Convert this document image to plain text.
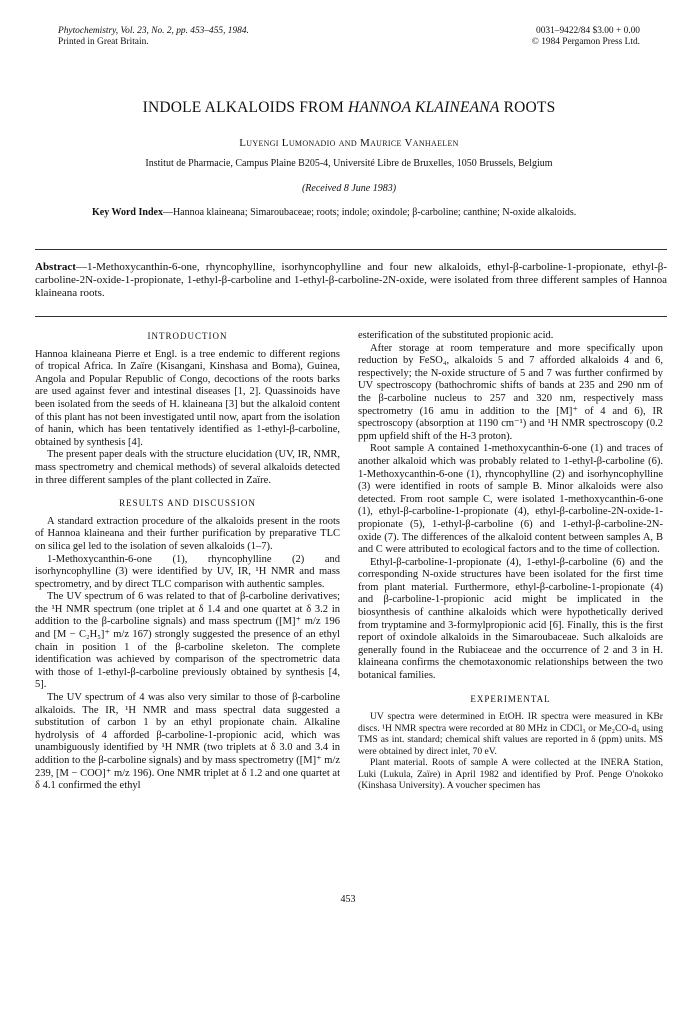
Phytochemistry, Vol. 23, No. 2, pp. 453–455, 1984.
Printed in Great Britain.
0031–9422/84 $3.00 + 0.00
© 1984 Pergamon Press Ltd.
INDOLE ALKALOIDS FROM HANNOA KLAINEANA ROOTS
Luyengi Lumonadio and Maurice Vanhaelen
Institut de Pharmacie, Campus Plaine B205-4, Université Libre de Bruxelles, 1050 Brussels, Belgium
(Received 8 June 1983)
Key Word Index—Hannoa klaineana; Simaroubaceae; roots; indole; oxindole; β-carboline; canthine; N-oxide alkaloids.
Abstract—1-Methoxycanthin-6-one, rhyncophylline, isorhyncophylline and four new alkaloids, ethyl-β-carboline-1-propionate, ethyl-β-carboline-2N-oxide-1-propionate, 1-ethyl-β-carboline and 1-ethyl-β-carboline-2N-oxide, were isolated from three different samples of Hannoa klaineana roots.
INTRODUCTION

Hannoa klaineana Pierre et Engl. is a tree endemic to different regions of tropical Africa. In Zaïre (Kisangani, Kinshasa and Boma), Guinea, Angola and Popular Republic of Congo, decoctions of the roots barks are used against fever and intestinal diseases [1, 2]. Quassinoids have been isolated from the seeds of H. klaineana [3] but the alkaloid content of this plant has not been investigated until now, apart from the isolation of hanin, which has been tentatively identified as 1-ethyl-β-carboline, obtained by synthesis [4].

The present paper deals with the structure elucidation (UV, IR, NMR, mass spectrometry and chemical methods) of several alkaloids detected in three different samples of the plant collected in Zaïre.

RESULTS AND DISCUSSION

A standard extraction procedure of the alkaloids present in the roots of Hannoa klaineana and their further purification by preparative TLC on silica gel led to the isolation of seven alkaloids (1–7).

1-Methoxycanthin-6-one (1), rhyncophylline (2) and isorhyncophylline (3) were identified by UV, IR, ¹H NMR and mass spectrometry, and by direct TLC comparison with authentic samples.

The UV spectrum of 6 was related to that of β-carboline derivatives; the ¹H NMR spectrum (one triplet at δ 1.4 and one quartet at δ 3.2 in addition to the β-carboline signals) and mass spectrum ([M]⁺ m/z 196 and [M − C₂H₅]⁺ m/z 167) strongly suggested the presence of an ethyl chain in position 1 of the β-carboline skeleton. The complete identification was achieved by comparison of the spectrometric data with those of 1-ethyl-β-carboline previously obtained by synthesis [4, 5].

The UV spectrum of 4 was also very similar to those of β-carboline alkaloids. The IR, ¹H NMR and mass spectral data suggested a substitution of carbon 1 by an ethyl propionate chain. Alkaline hydrolysis of 4 afforded β-carboline-1-propionic acid, which was unambiguously identified by ¹H NMR (two triplets at δ 3.0 and 3.4 in addition to the β-carboline signals) and by mass spectrometry ([M]⁺ m/z 239, [M − COO]⁺ m/z 196). One NMR triplet at δ 1.2 and one quartet at δ 4.1 confirmed the ethyl

esterification of the substituted propionic acid.

After storage at room temperature and more specifically upon reduction by FeSO₄, alkaloids 5 and 7 afforded alkaloids 4 and 6, respectively; the N-oxide structure of 5 and 7 was further confirmed by UV spectroscopy (bathochromic shifts of bands at 235 and 290 nm of the β-carboline nucleus to 257 and 320 nm, respectively mass spectrometry (16 amu in addition to the [M]⁺ of 4 and 6), IR spectroscopy (absorption at 1190 cm⁻¹) and ¹H NMR spectroscopy (0.2 ppm upfield shift of the H-3 proton).

Root sample A contained 1-methoxycanthin-6-one (1) and traces of another alkaloid which was probably related to 1-ethyl-β-carboline (6). 1-Methoxycanthin-6-one (1), rhyncophylline (2) and isorhyncophylline (3) were identified in roots of sample B. Minor alkaloids were also detected. From root sample C, were isolated 1-methoxycanthin-6-one (1), ethyl-β-carboline-1-propionate (4), ethyl-β-carboline-2N-oxide-1-propionate (5), 1-ethyl-β-carboline (6) and 1-ethyl-β-carboline-2N-oxide (7). The differences of the alkaloid content between samples A, B and C were attributed to ecological factors and to the time of collection.

Ethyl-β-carboline-1-propionate (4), 1-ethyl-β-carboline (6) and the corresponding N-oxide structures have been isolated for the first time from plant material. Furthermore, ethyl-β-carboline-1-propionate (4) and β-carboline-1-propionic acid might be implicated in the biosynthesis of canthine alkaloids which were hypothetically derived from tryptamine and 3-formylpropionic acid [6]. Finally, this is the first report of oxindole alkaloids in the Simaroubaceae. Such alkaloids are generally found in the Rubiaceae and the occurrence of 2 and 3 in H. klaineana confirms the chemotaxonomic relationships between the two botanical families.

EXPERIMENTAL

UV spectra were determined in EtOH. IR spectra were measured in KBr discs. ¹H NMR spectra were recorded at 80 MHz in CDCl₃ or Me₂CO-d₆ using TMS as int. standard; chemical shift values are reported in δ (ppm) units. MS were obtained by direct inlet, 70 eV.

Plant material. Roots of sample A were collected at the INERA Station, Luki (Lukula, Zaïre) in April 1982 and identified by Prof. Penge O'nokoko (Kinshasa University). A voucher specimen has

453
